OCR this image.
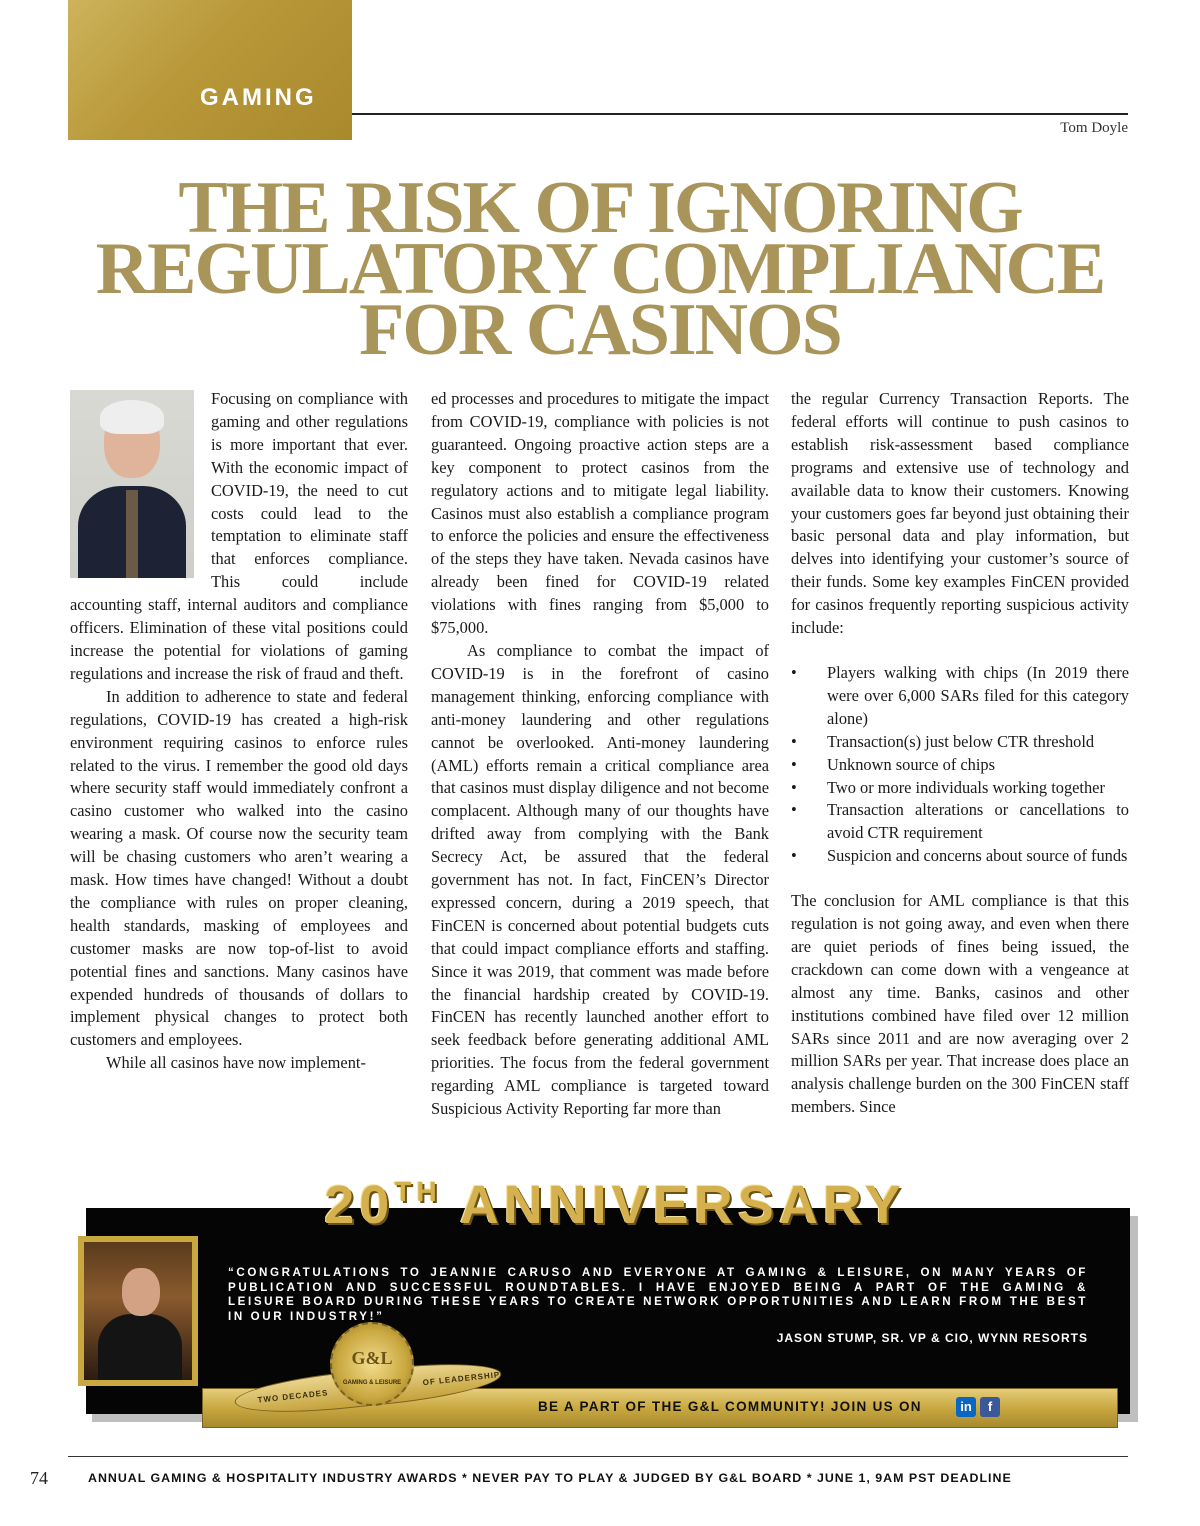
GAMING
Tom Doyle
THE RISK OF IGNORING
REGULATORY COMPLIANCE
FOR CASINOS

Focusing on compliance with gaming and other regulations is more important that ever. With the economic impact of COVID-19, the need to cut costs could lead to the temptation to eliminate staff that enforces compliance. This could include accounting staff, internal auditors and compliance officers. Elimination of these vital positions could increase the potential for violations of gaming regulations and increase the risk of fraud and theft.

In addition to adherence to state and federal regulations, COVID-19 has created a high-risk environment requiring casinos to enforce rules related to the virus. I remember the good old days where security staff would immediately confront a casino customer who walked into the casino wearing a mask. Of course now the security team will be chasing customers who aren’t wearing a mask. How times have changed! Without a doubt the compliance with rules on proper cleaning, health standards, masking of employees and customer masks are now top-of-list to avoid potential fines and sanctions. Many casinos have expended hundreds of thousands of dollars to implement physical changes to protect both customers and employees.

While all casinos have now implement-

ed processes and procedures to mitigate the impact from COVID-19, compliance with policies is not guaranteed. Ongoing proactive action steps are a key component to protect casinos from the regulatory actions and to mitigate legal liability. Casinos must also establish a compliance program to enforce the policies and ensure the effectiveness of the steps they have taken. Nevada casinos have already been fined for COVID-19 related violations with fines ranging from $5,000 to $75,000.

As compliance to combat the impact of COVID-19 is in the forefront of casino management thinking, enforcing compliance with anti-money laundering and other regulations cannot be overlooked. Anti-money laundering (AML) efforts remain a critical compliance area that casinos must display diligence and not become complacent. Although many of our thoughts have drifted away from complying with the Bank Secrecy Act, be assured that the federal government has not. In fact, FinCEN’s Director expressed concern, during a 2019 speech, that FinCEN is concerned about potential budgets cuts that could impact compliance efforts and staffing. Since it was 2019, that comment was made before the financial hardship created by COVID-19. FinCEN has recently launched another effort to seek feedback before generating additional AML priorities. The focus from the federal government regarding AML compliance is targeted toward Suspicious Activity Reporting far more than

the regular Currency Transaction Reports. The federal efforts will continue to push casinos to establish risk-assessment based compliance programs and extensive use of technology and available data to know their customers. Knowing your customers goes far beyond just obtaining their basic personal data and play information, but delves into identifying your customer’s source of their funds. Some key examples FinCEN provided for casinos frequently reporting suspicious activity include:

• Players walking with chips (In 2019 there were over 6,000 SARs filed for this category alone)
• Transaction(s) just below CTR threshold
• Unknown source of chips
• Two or more individuals working together
• Transaction alterations or cancellations to avoid CTR requirement
• Suspicion and concerns about source of funds

The conclusion for AML compliance is that this regulation is not going away, and even when there are quiet periods of fines being issued, the crackdown can come down with a vengeance at almost any time. Banks, casinos and other institutions combined have filed over 12 million SARs since 2011 and are now averaging over 2 million SARs per year. That increase does place an analysis challenge burden on the 300 FinCEN staff members. Since

20TH ANNIVERSARY

“CONGRATULATIONS TO JEANNIE CARUSO AND EVERYONE AT GAMING & LEISURE, ON MANY YEARS OF PUBLICATION AND SUCCESSFUL ROUNDTABLES. I HAVE ENJOYED BEING A PART OF THE GAMING & LEISURE BOARD DURING THESE YEARS TO CREATE NETWORK OPPORTUNITIES AND LEARN FROM THE BEST IN OUR INDUSTRY!”

JASON STUMP, SR. VP & CIO, WYNN RESORTS
TWO DECADES
OF LEADERSHIP
G&L
GAMING & LEISURE
BE A PART OF THE G&L COMMUNITY! JOIN US ON	in	f
74	ANNUAL GAMING & HOSPITALITY INDUSTRY AWARDS * NEVER PAY TO PLAY & JUDGED BY G&L BOARD * JUNE 1, 9AM PST DEADLINE
